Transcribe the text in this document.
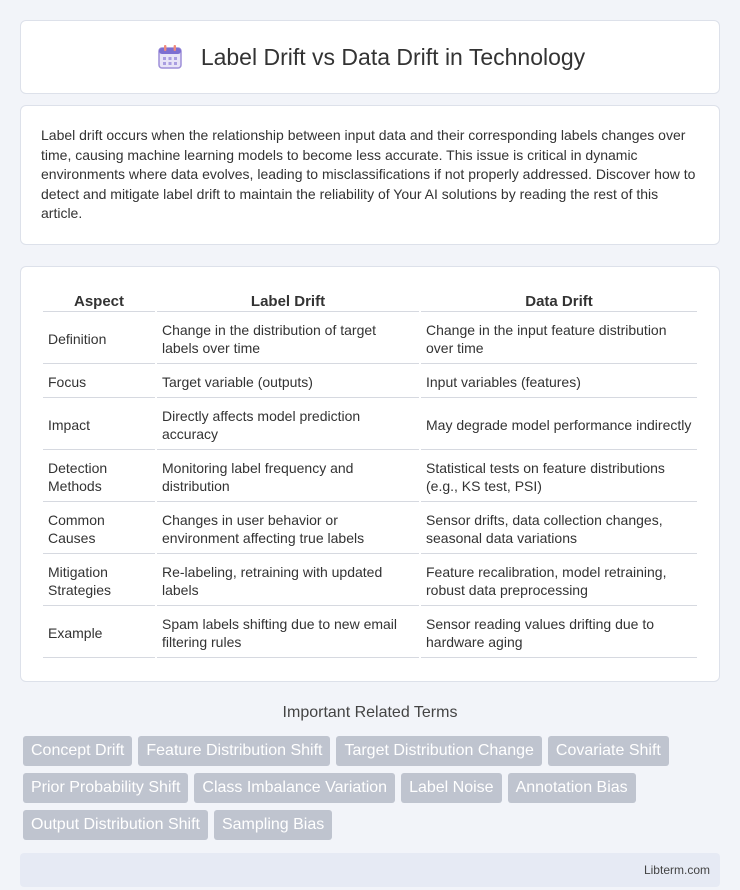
Label Drift vs Data Drift in Technology

Label drift occurs when the relationship between input data and their corresponding labels changes over time, causing machine learning models to become less accurate. This issue is critical in dynamic environments where data evolves, leading to misclassifications if not properly addressed. Discover how to detect and mitigate label drift to maintain the reliability of Your AI solutions by reading the rest of this article.

Aspect	Label Drift	Data Drift
Definition	Change in the distribution of target labels over time	Change in the input feature distribution over time
Focus	Target variable (outputs)	Input variables (features)
Impact	Directly affects model prediction accuracy	May degrade model performance indirectly
Detection Methods	Monitoring label frequency and distribution	Statistical tests on feature distributions (e.g., KS test, PSI)
Common Causes	Changes in user behavior or environment affecting true labels	Sensor drifts, data collection changes, seasonal data variations
Mitigation Strategies	Re-labeling, retraining with updated labels	Feature recalibration, model retraining, robust data preprocessing
Example	Spam labels shifting due to new email filtering rules	Sensor reading values drifting due to hardware aging
Important Related Terms
Concept Drift	Feature Distribution Shift	Target Distribution Change	Covariate Shift
Prior Probability Shift	Class Imbalance Variation	Label Noise	Annotation Bias
Output Distribution Shift	Sampling Bias
Libterm.com
